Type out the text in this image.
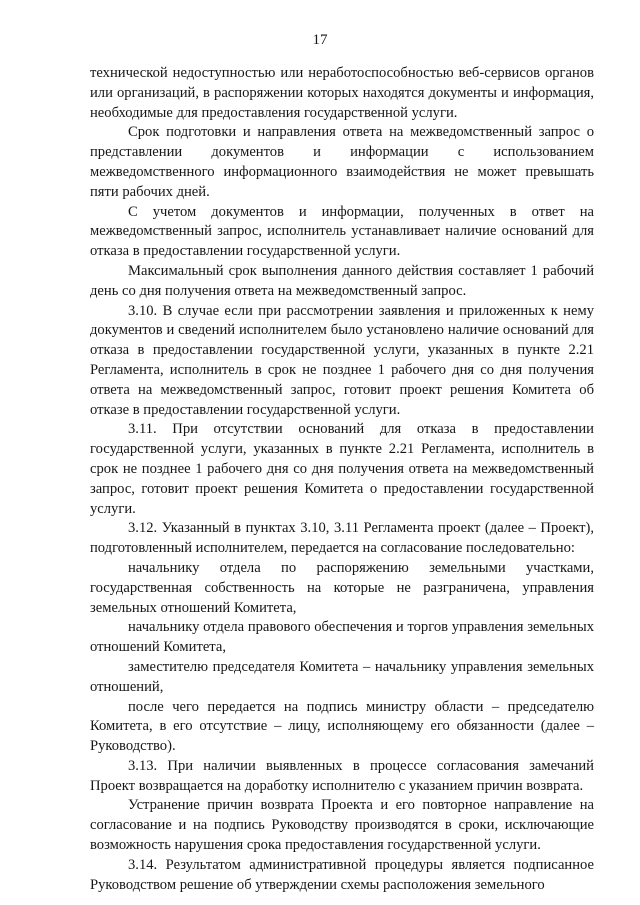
17

технической недоступностью или неработоспособностью веб-сервисов органов или организаций, в распоряжении которых находятся документы и информация, необходимые для предоставления государственной услуги.

Срок подготовки и направления ответа на межведомственный запрос о представлении документов и информации с использованием межведомственного информационного взаимодействия не может превышать пяти рабочих дней.

С учетом документов и информации, полученных в ответ на межведомственный запрос, исполнитель устанавливает наличие оснований для отказа в предоставлении государственной услуги.

Максимальный срок выполнения данного действия составляет 1 рабочий день со дня получения ответа на межведомственный запрос.

3.10. В случае если при рассмотрении заявления и приложенных к нему документов и сведений исполнителем было установлено наличие оснований для отказа в предоставлении государственной услуги, указанных в пункте 2.21 Регламента, исполнитель в срок не позднее 1 рабочего дня со дня получения ответа на межведомственный запрос, готовит проект решения Комитета об отказе в предоставлении государственной услуги.

3.11. При отсутствии оснований для отказа в предоставлении государственной услуги, указанных в пункте 2.21 Регламента, исполнитель в срок не позднее 1 рабочего дня со дня получения ответа на межведомственный запрос, готовит проект решения Комитета о предоставлении государственной услуги.

3.12. Указанный в пунктах 3.10, 3.11 Регламента проект (далее – Проект), подготовленный исполнителем, передается на согласование последовательно:

начальнику отдела по распоряжению земельными участками, государственная собственность на которые не разграничена, управления земельных отношений Комитета,

начальнику отдела правового обеспечения и торгов управления земельных отношений Комитета,

заместителю председателя Комитета – начальнику управления земельных отношений,

после чего передается на подпись министру области – председателю Комитета, в его отсутствие – лицу, исполняющему его обязанности (далее – Руководство).

3.13. При наличии выявленных в процессе согласования замечаний Проект возвращается на доработку исполнителю с указанием причин возврата.

Устранение причин возврата Проекта и его повторное направление на согласование и на подпись Руководству производятся в сроки, исключающие возможность нарушения срока предоставления государственной услуги.

3.14. Результатом административной процедуры является подписанное Руководством решение об утверждении схемы расположения земельного
